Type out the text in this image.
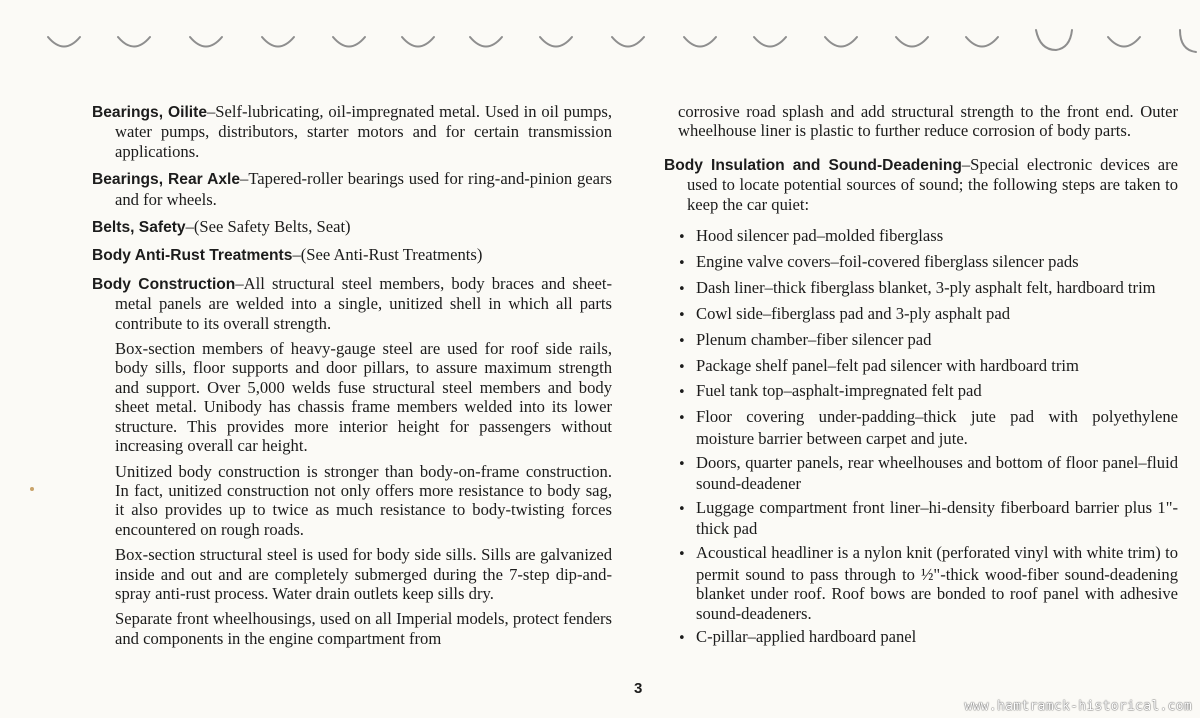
Bearings, Oilite–Self-lubricating, oil-impregnated metal. Used in oil pumps, water pumps, distributors, starter motors and for certain transmission applications.

Bearings, Rear Axle–Tapered-roller bearings used for ring-and-pinion gears and for wheels.

Belts, Safety–(See Safety Belts, Seat)

Body Anti-Rust Treatments–(See Anti-Rust Treatments)

Body Construction–All structural steel members, body braces and sheet-metal panels are welded into a single, unitized shell in which all parts contribute to its overall strength.

Box-section members of heavy-gauge steel are used for roof side rails, body sills, floor supports and door pillars, to assure maximum strength and support. Over 5,000 welds fuse structural steel members and body sheet metal. Unibody has chassis frame members welded into its lower structure. This provides more interior height for passengers without increasing overall car height.

Unitized body construction is stronger than body-on-frame construction. In fact, unitized construction not only offers more resistance to body sag, it also provides up to twice as much resistance to body-twisting forces encountered on rough roads.

Box-section structural steel is used for body side sills. Sills are galvanized inside and out and are completely submerged during the 7-step dip-and-spray anti-rust process. Water drain outlets keep sills dry.

Separate front wheelhousings, used on all Imperial models, protect fenders and components in the engine compartment from

corrosive road splash and add structural strength to the front end. Outer wheelhouse liner is plastic to further reduce corrosion of body parts.

Body Insulation and Sound-Deadening–Special electronic devices are used to locate potential sources of sound; the following steps are taken to keep the car quiet:

• Hood silencer pad–molded fiberglass
• Engine valve covers–foil-covered fiberglass silencer pads
• Dash liner–thick fiberglass blanket, 3-ply asphalt felt, hardboard trim
• Cowl side–fiberglass pad and 3-ply asphalt pad
• Plenum chamber–fiber silencer pad
• Package shelf panel–felt pad silencer with hardboard trim
• Fuel tank top–asphalt-impregnated felt pad
• Floor covering under-padding–thick jute pad with polyethylene moisture barrier between carpet and jute.
• Doors, quarter panels, rear wheelhouses and bottom of floor panel–fluid sound-deadener
• Luggage compartment front liner–hi-density fiberboard barrier plus 1"-thick pad
• Acoustical headliner is a nylon knit (perforated vinyl with white trim) to permit sound to pass through to ½"-thick wood-fiber sound-deadening blanket under roof. Roof bows are bonded to roof panel with adhesive sound-deadeners.
• C-pillar–applied hardboard panel
3
www.hamtramck-historical.com
